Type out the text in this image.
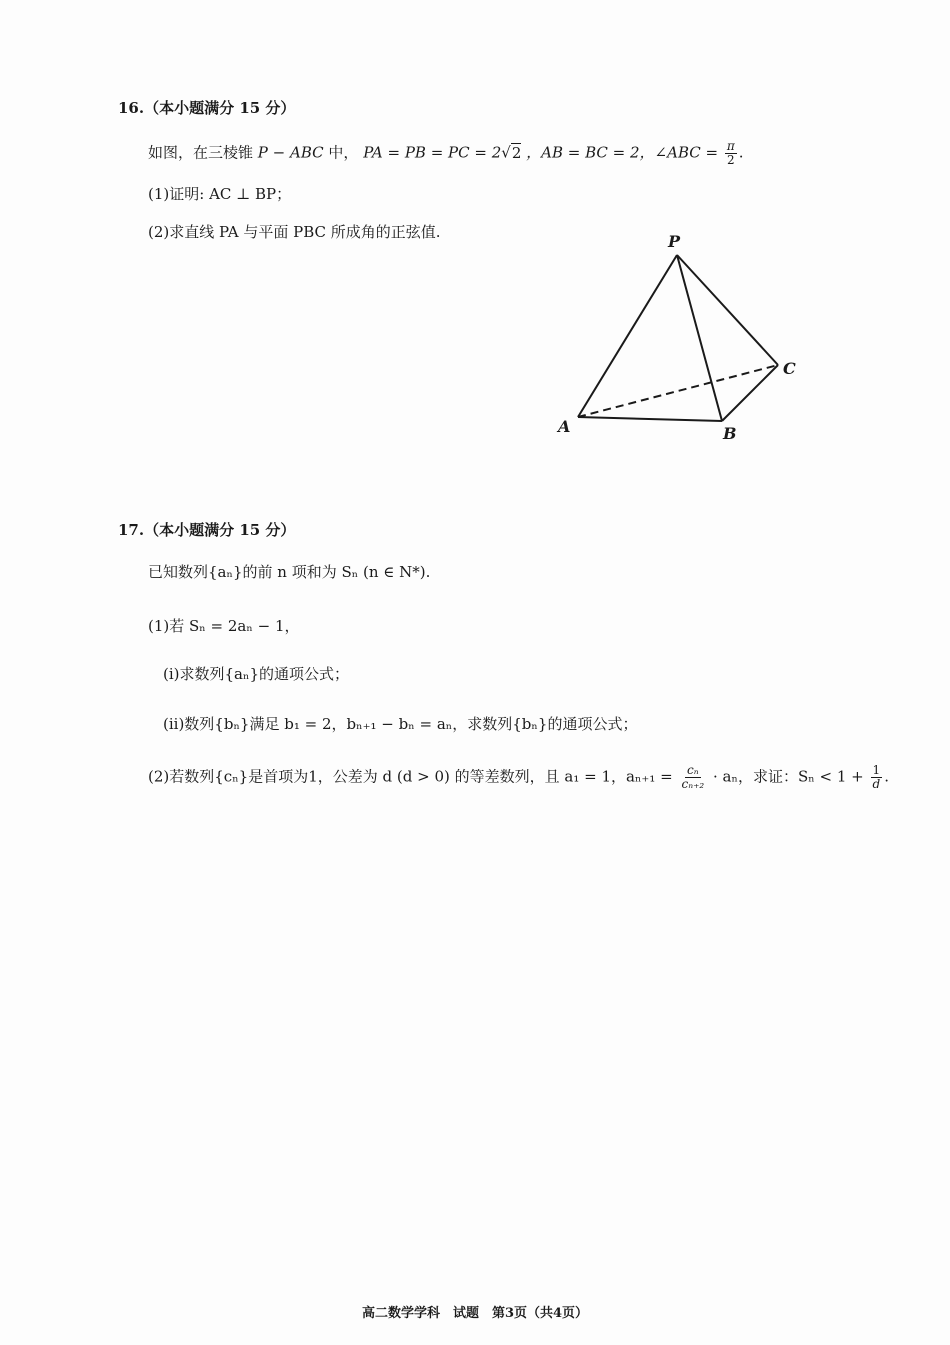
16.（本小题满分 15 分）
如图，在三棱锥 P − ABC 中， PA = PB = PC = 2√2 ，AB = BC = 2，∠ABC = $\frac{\pi}{2}$ .
(1)证明: AC ⊥ BP；
(2)求直线 PA 与平面 PBC 所成角的正弦值.	P
A	B
C
17.（本小题满分 15 分）
已知数列{aₙ}的前 n 项和为 Sₙ (n ∈ N*).
(1)若 Sₙ = 2aₙ − 1，
(i)求数列{aₙ}的通项公式；
(ii)数列{bₙ}满足 b₁ = 2，bₙ₊₁ − bₙ = aₙ，求数列{bₙ}的通项公式；
(2)若数列{cₙ}是首项为1，公差为 d (d > 0) 的等差数列，且 a₁ = 1，$a_{n+1} = \frac{\text{cₙ}}{\text{cₙ₊₂}} \cdot a_n$，求证：$S_n < 1 + \frac{1}{d}$ .
高二数学学科　试题　第3页（共4页）
